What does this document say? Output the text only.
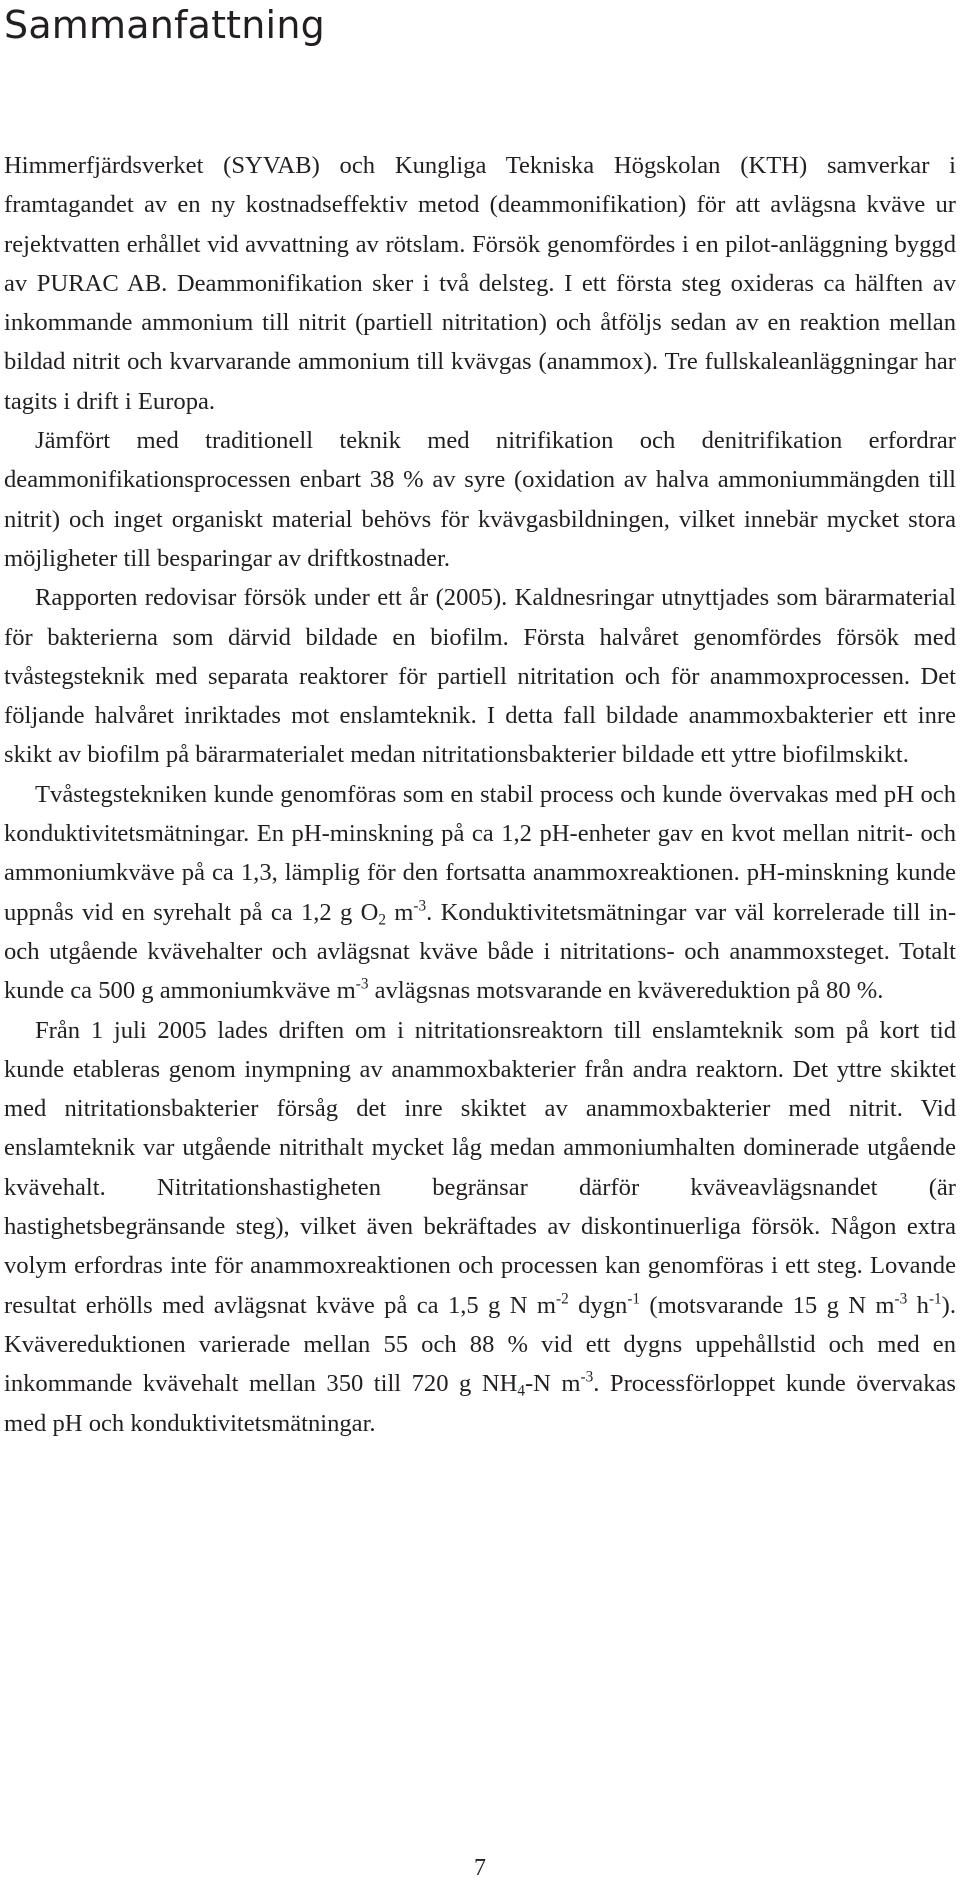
Sammanfattning

Himmerfjärdsverket (SYVAB) och Kungliga Tekniska Högskolan (KTH) samverkar i framtagandet av en ny kostnadseffektiv metod (deammonifikation) för att avlägsna kväve ur rejektvatten erhållet vid avvattning av rötslam. Försök genomfördes i en pilot-anläggning byggd av PURAC AB. Deammonifikation sker i två delsteg. I ett första steg oxideras ca hälften av inkommande ammonium till nitrit (partiell nitritation) och åtföljs sedan av en reaktion mellan bildad nitrit och kvarvarande ammonium till kvävgas (anammox). Tre fullskaleanläggningar har tagits i drift i Europa.

Jämfört med traditionell teknik med nitrifikation och denitrifikation erfordrar deammonifikationsprocessen enbart 38 % av syre (oxidation av halva ammoniummängden till nitrit) och inget organiskt material behövs för kvävgasbildningen, vilket innebär mycket stora möjligheter till besparingar av driftkostnader.

Rapporten redovisar försök under ett år (2005). Kaldnesringar utnyttjades som bärarmaterial för bakterierna som därvid bildade en biofilm. Första halvåret genomfördes försök med tvåstegsteknik med separata reaktorer för partiell nitritation och för anammoxprocessen. Det följande halvåret inriktades mot enslamteknik. I detta fall bildade anammoxbakterier ett inre skikt av biofilm på bärarmaterialet medan nitritationsbakterier bildade ett yttre biofilmskikt.

Tvåstegstekniken kunde genomföras som en stabil process och kunde övervakas med pH och konduktivitetsmätningar. En pH-minskning på ca 1,2 pH-enheter gav en kvot mellan nitrit- och ammoniumkväve på ca 1,3, lämplig för den fortsatta anammoxreaktionen. pH-minskning kunde uppnås vid en syrehalt på ca 1,2 g $O_2$ $m^{-3}$. Konduktivitetsmätningar var väl korrelerade till in- och utgående kvävehalter och avlägsnat kväve både i nitritations- och anammoxsteget. Totalt kunde ca 500 g ammoniumkväve $m^{-3}$ avlägsnas motsvarande en kvävereduktion på 80 %.

Från 1 juli 2005 lades driften om i nitritationsreaktorn till enslamteknik som på kort tid kunde etableras genom inympning av anammoxbakterier från andra reaktorn. Det yttre skiktet med nitritationsbakterier försåg det inre skiktet av anammoxbakterier med nitrit. Vid enslamteknik var utgående nitrithalt mycket låg medan ammoniumhalten dominerade utgående kvävehalt. Nitritationshastigheten begränsar därför kväveavlägsnandet (är hastighetsbegränsande steg), vilket även bekräftades av diskontinuerliga försök. Någon extra volym erfordras inte för anammoxreaktionen och processen kan genomföras i ett steg. Lovande resultat erhölls med avlägsnat kväve på ca 1,5 g N $m^{-2}$ dygn$^{-1}$ (motsvarande 15 g N $m^{-3}$ $h^{-1}$). Kvävereduktionen varierade mellan 55 och 88 % vid ett dygns uppehållstid och med en inkommande kvävehalt mellan 350 till 720 g $NH_4-N$ $m^{-3}$. Processförloppet kunde övervakas med pH och konduktivitetsmätningar.

7
